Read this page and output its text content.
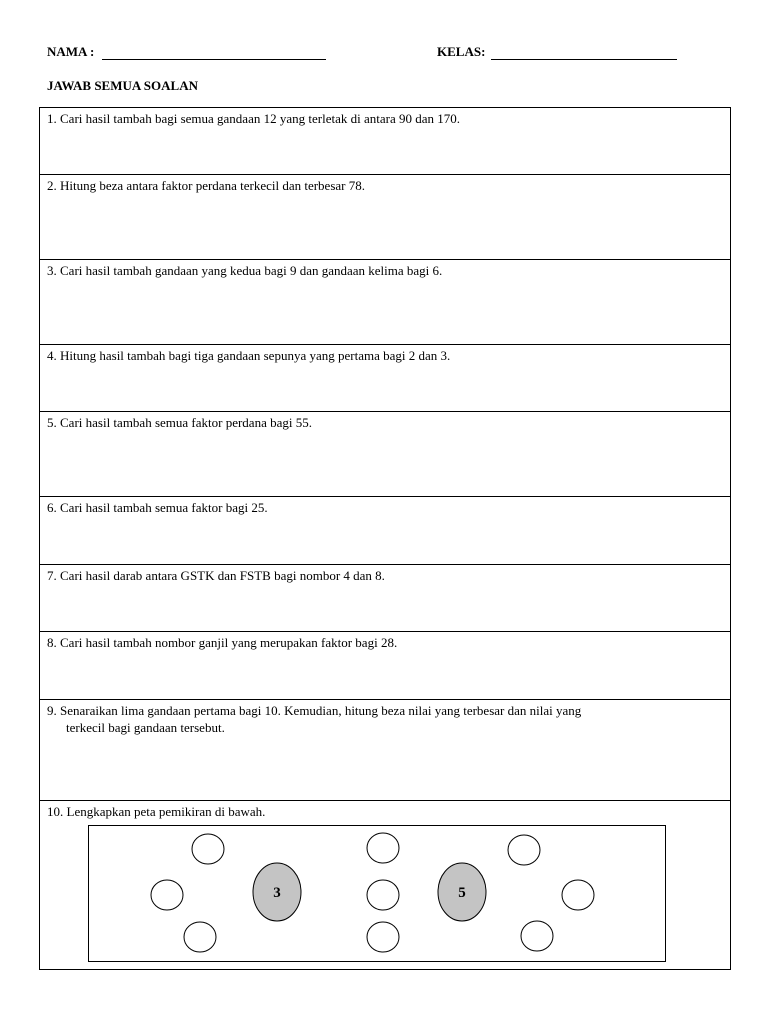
NAMA :	KELAS:
JAWAB SEMUA SOALAN
1. Cari hasil tambah bagi semua gandaan 12 yang terletak di antara 90 dan 170.
2. Hitung beza antara faktor perdana terkecil dan terbesar 78.
3. Cari hasil tambah gandaan yang kedua bagi 9 dan gandaan kelima bagi 6.
4. Hitung hasil tambah bagi tiga gandaan sepunya yang pertama bagi 2 dan 3.
5. Cari hasil tambah semua faktor perdana bagi 55.
6. Cari hasil tambah semua faktor bagi 25.
7. Cari hasil darab antara GSTK dan FSTB bagi nombor 4 dan 8.
8. Cari hasil tambah nombor ganjil yang merupakan faktor bagi 28.
9. Senaraikan lima gandaan pertama bagi 10. Kemudian, hitung beza nilai yang terbesar dan nilai yang
terkecil bagi gandaan tersebut.
10. Lengkapkan peta pemikiran di bawah.
3	5
